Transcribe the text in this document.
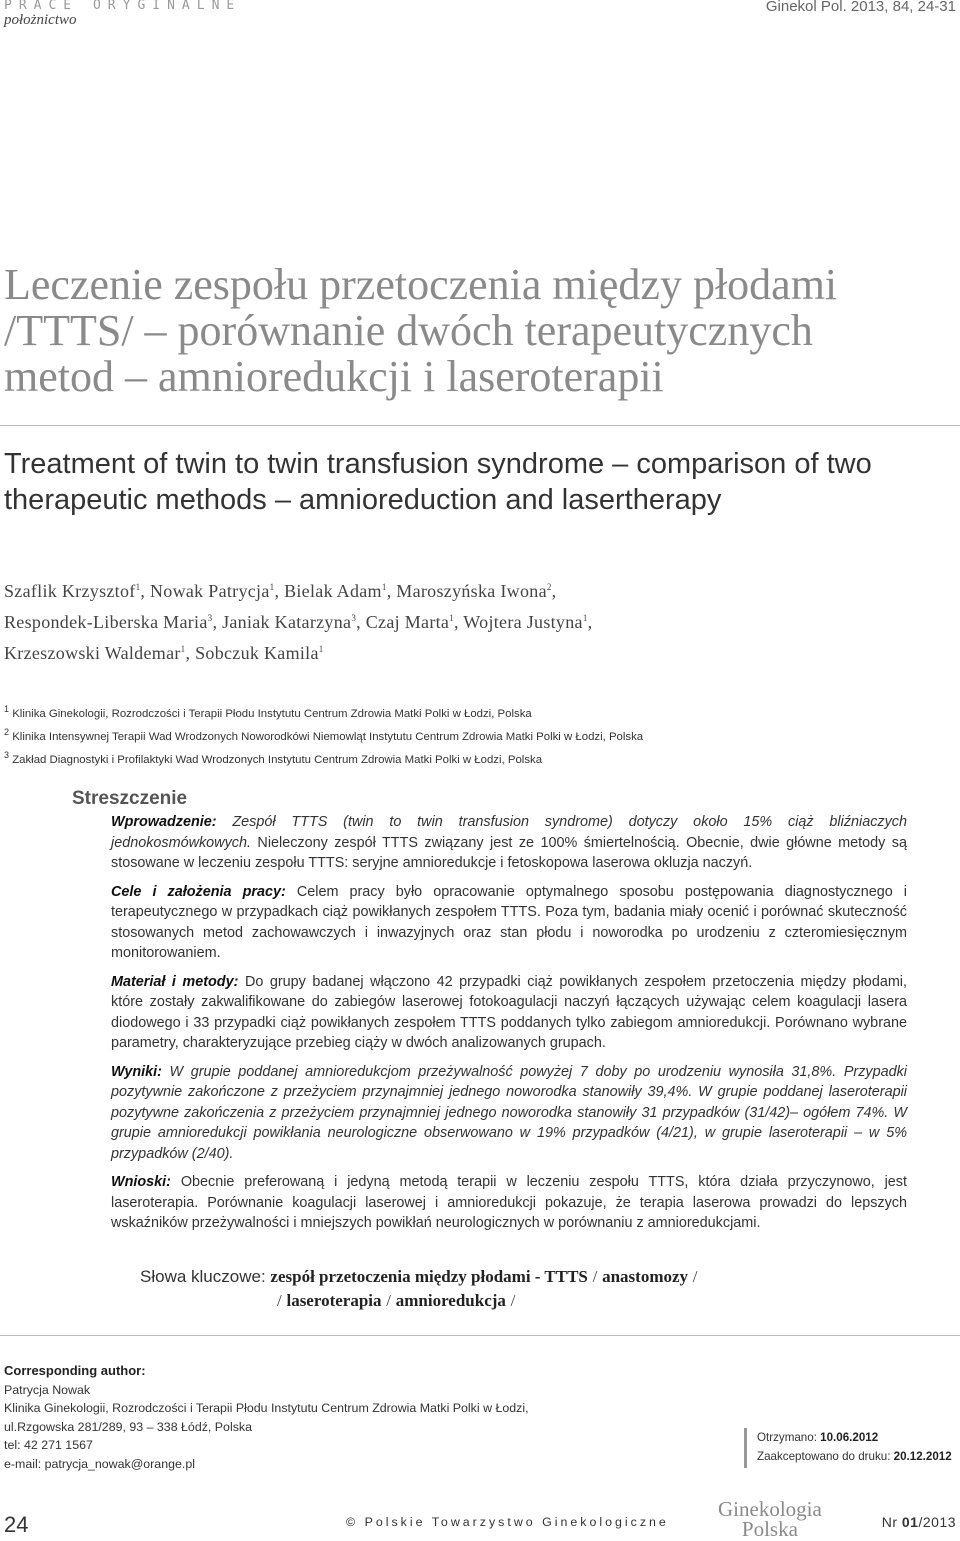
PRACE ORYGINALNE
położnictwo
Ginekol Pol. 2013, 84, 24-31
Leczenie zespołu przetoczenia między płodami
/TTTS/ – porównanie dwóch terapeutycznych
metod – amnioredukcji i laseroterapii
Treatment of twin to twin transfusion syndrome – comparison of two
therapeutic methods – amnioreduction and lasertherapy
Szaflik Krzysztof$^1$, Nowak Patrycja$^1$, Bielak Adam$^1$, Maroszyńska Iwona$^2$,
Respondek-Liberska Maria$^3$, Janiak Katarzyna$^3$, Czaj Marta$^1$, Wojtera Justyna$^1$,
Krzeszowski Waldemar$^1$, Sobczuk Kamila$^1$
$^1$ Klinika Ginekologii, Rozrodczości i Terapii Płodu Instytutu Centrum Zdrowia Matki Polki w Łodzi, Polska
$^2$ Klinika Intensywnej Terapii Wad Wrodzonych Noworodkówi Niemowląt Instytutu Centrum Zdrowia Matki Polki w Łodzi, Polska
$^3$ Zakład Diagnostyki i Profilaktyki Wad Wrodzonych Instytutu Centrum Zdrowia Matki Polki w Łodzi, Polska
Streszczenie

Wprowadzenie: Zespół TTTS (twin to twin transfusion syndrome) dotyczy około 15% ciąż bliźniaczych jednokosmówkowych. Nieleczony zespół TTTS związany jest ze 100% śmiertelnością. Obecnie, dwie główne metody są stosowane w leczeniu zespołu TTTS: seryjne amnioredukcje i fetoskopowa laserowa okluzja naczyń.

Cele i założenia pracy: Celem pracy było opracowanie optymalnego sposobu postępowania diagnostycznego i terapeutycznego w przypadkach ciąż powikłanych zespołem TTTS. Poza tym, badania miały ocenić i porównać skuteczność stosowanych metod zachowawczych i inwazyjnych oraz stan płodu i noworodka po urodzeniu z czteromiesięcznym monitorowaniem.

Materiał i metody: Do grupy badanej włączono 42 przypadki ciąż powikłanych zespołem przetoczenia między płodami, które zostały zakwalifikowane do zabiegów laserowej fotokoagulacji naczyń łączących używając celem koagulacji lasera diodowego i 33 przypadki ciąż powikłanych zespołem TTTS poddanych tylko zabiegom amnioredukcji. Porównano wybrane parametry, charakteryzujące przebieg ciąży w dwóch analizowanych grupach.

Wyniki: W grupie poddanej amnioredukcjom przeżywalność powyżej 7 doby po urodzeniu wynosiła 31,8%. Przypadki pozytywnie zakończone z przeżyciem przynajmniej jednego noworodka stanowiły 39,4%. W grupie poddanej laseroterapii pozytywne zakończenia z przeżyciem przynajmniej jednego noworodka stanowiły 31 przypadków (31/42)– ogółem 74%. W grupie amnioredukcji powikłania neurologiczne obserwowano w 19% przypadków (4/21), w grupie laseroterapii – w 5% przypadków (2/40).

Wnioski: Obecnie preferowaną i jedyną metodą terapii w leczeniu zespołu TTTS, która działa przyczynowo, jest laseroterapia. Porównanie koagulacji laserowej i amnioredukcji pokazuje, że terapia laserowa prowadzi do lepszych wskaźników przeżywalności i mniejszych powikłań neurologicznych w porównaniu z amnioredukcjami.

Słowa kluczowe: zespół przetoczenia między płodami - TTTS / anastomozy /
/ laseroterapia / amnioredukcja /
Corresponding author:
Patrycja Nowak
Klinika Ginekologii, Rozrodczości i Terapii Płodu Instytutu Centrum Zdrowia Matki Polki w Łodzi,
ul.Rzgowska 281/289, 93 – 338 Łódź, Polska
tel: 42 271 1567
e-mail: patrycja_nowak@orange.pl
Otrzymano: 10.06.2012
Zaakceptowano do druku: 20.12.2012
24	© Polskie Towarzystwo Ginekologiczne
Ginekologia
Polska	Nr 01/2013
